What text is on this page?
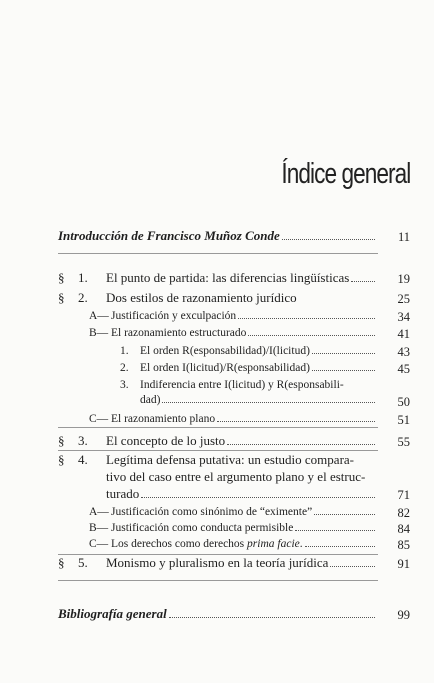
Índice general
Introducción de Francisco Muñoz Conde	11
§	1.	El punto de partida: las diferencias lingüísticas	19
§	2.	Dos estilos de razonamiento jurídico	25
A— Justificación y exculpación	34
B— El razonamiento estructurado	41
1. El orden R(esponsabilidad)/I(licitud)	43
2. El orden I(licitud)/R(esponsabilidad)	45
3. Indiferencia entre I(licitud) y R(esponsabili-
dad)	50
C— El razonamiento plano	51
§	3.	El concepto de lo justo	55
§	4.	Legítima defensa putativa: un estudio compara-
tivo del caso entre el argumento plano y el estruc-
turado	71
A— Justificación como sinónimo de “eximente”	82
B— Justificación como conducta permisible	84
C— Los derechos como derechos prima facie.	85
§	5.	Monismo y pluralismo en la teoría jurídica	91
Bibliografía general	99
